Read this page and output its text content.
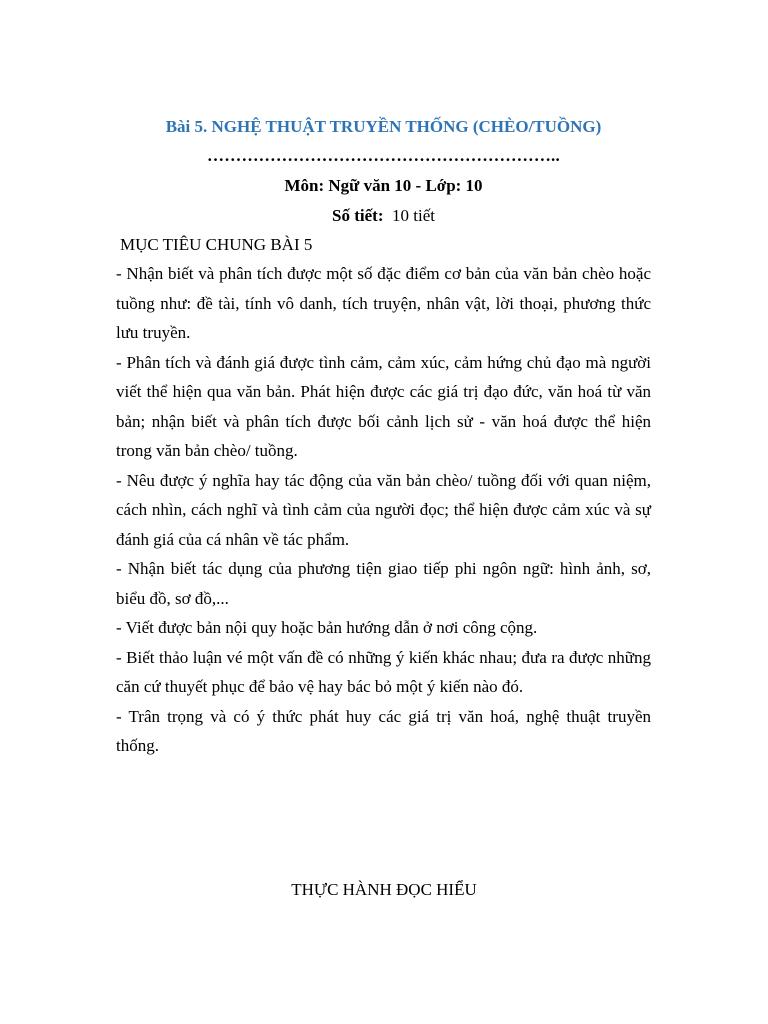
Bài 5. NGHỆ THUẬT TRUYỀN THỐNG (CHÈO/TUỒNG)
……………………………………………………..
Môn: Ngữ văn 10 - Lớp: 10
Số tiết: 10 tiết
MỤC TIÊU CHUNG BÀI 5

- Nhận biết và phân tích được một số đặc điểm cơ bản của văn bản chèo hoặc tuồng như: đề tài, tính vô danh, tích truyện, nhân vật, lời thoại, phương thức lưu truyền.

- Phân tích và đánh giá được tình cảm, cảm xúc, cảm hứng chủ đạo mà người viết thể hiện qua văn bản. Phát hiện được các giá trị đạo đức, văn hoá từ văn bản; nhận biết và phân tích được bối cảnh lịch sử - văn hoá được thể hiện trong văn bản chèo/ tuồng.

- Nêu được ý nghĩa hay tác động của văn bản chèo/ tuồng đối với quan niệm, cách nhìn, cách nghĩ và tình cảm của người đọc; thể hiện được cảm xúc và sự đánh giá của cá nhân về tác phẩm.

- Nhận biết tác dụng của phương tiện giao tiếp phi ngôn ngữ: hình ảnh, sơ, biểu đồ, sơ đồ,...

- Viết được bản nội quy hoặc bản hướng dẫn ở nơi công cộng.

- Biết thảo luận vé một vấn đề có những ý kiến khác nhau; đưa ra được những căn cứ thuyết phục để bảo vệ hay bác bỏ một ý kiến nào đó.

- Trân trọng và có ý thức phát huy các giá trị văn hoá, nghệ thuật truyền thống.

THỰC HÀNH ĐỌC HIỂU
